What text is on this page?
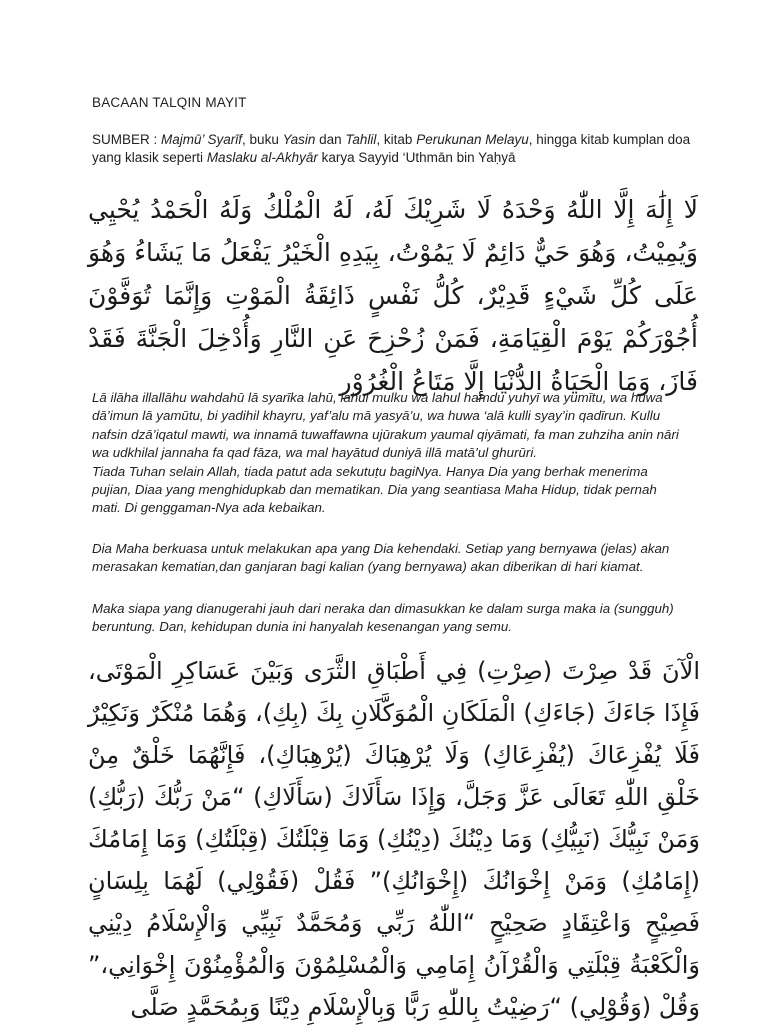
BACAAN TALQIN MAYIT
SUMBER : Majmū’ Syarīf, buku Yasin dan Tahlil, kitab Perukunan Melayu, hingga kitab kumplan doa yang klasik seperti Maslaku al-Akhyār karya Sayyid ‘Uthmān bin Yaḥyā
لَا إِلَٰهَ إِلَّا اللّٰهُ وَحْدَهُ لَا شَرِيْكَ لَهُ، لَهُ الْمُلْكُ وَلَهُ الْحَمْدُ يُحْيِي وَيُمِيْتُ، وَهُوَ حَيٌّ دَائِمٌ لَا يَمُوْتُ، بِيَدِهِ الْخَيْرُ يَفْعَلُ مَا يَشَاءُ وَهُوَ عَلَى كُلِّ شَيْءٍ قَدِيْرٌ، كُلُّ نَفْسٍ ذَائِقَةُ الْمَوْتِ وَإِنَّمَا تُوَفَّوْنَ أُجُوْرَكُمْ يَوْمَ الْقِيَامَةِ، فَمَنْ زُحْزِحَ عَنِ النَّارِ وَأُدْخِلَ الْجَنَّةَ فَقَدْ فَازَ، وَمَا الْحَيَاةُ الدُّنْيَا إِلَّا مَتَاعُ الْغُرُوْرِ
Lā ilāha illallāhu wahdahū lā syarīka lahū, lahul mulku wa lahul hamdu yuhyī wa yumītu, wa huwa dā’imun lā yamūtu, bi yadihil khayru, yaf’alu mā yasyā’u, wa huwa ‘alā kulli syay’in qadīrun. Kullu nafsin dzā’iqatul mawti, wa innamā tuwaffawna ujūrakum yaumal qiyāmati, fa man zuhziha anin nāri wa udkhilal jannaha fa qad fāza, wa mal hayātud duniyā illā matā’ul ghurūri.
Tiada Tuhan selain Allah, tiada patut ada sekutuṭu bagiNya. Hanya Dia yang berhak menerima pujian, Diaa yang menghidupkab dan mematikan. Dia yang seantiasa Maha Hidup, tidak pernah mati. Di genggaman-Nya ada kebaikan.
Dia Maha berkuasa untuk melakukan apa yang Dia kehendaki. Setiap yang bernyawa (jelas) akan merasakan kematian,dan ganjaran bagi kalian (yang bernyawa) akan diberikan di hari kiamat.
Maka siapa yang dianugerahi jauh dari neraka dan dimasukkan ke dalam surga maka ia (sungguh) beruntung. Dan, kehidupan dunia ini hanyalah kesenangan yang semu.
الْآنَ قَدْ صِرْتَ (صِرْتِ) فِي أَطْبَاقِ الثَّرَى وَبَيْنَ عَسَاكِرِ الْمَوْتَى، فَإِذَا جَاءَكَ (جَاءَكِ) الْمَلَكَانِ الْمُوَكَّلَانِ بِكَ (بِكِ)، وَهُمَا مُنْكَرٌ وَنَكِيْرٌ فَلَا يُفْزِعَاكَ (يُفْزِعَاكِ) وَلَا يُرْهِبَاكَ (يُرْهِبَاكِ)، فَإِنَّهُمَا خَلْقٌ مِنْ خَلْقِ اللّٰهِ تَعَالَى عَزَّ وَجَلَّ، وَإِذَا سَأَلَاكَ (سَأَلَاكِ) “مَنْ رَبُّكَ (رَبُّكِ) وَمَنْ نَبِيُّكَ (نَبِيُّكِ) وَمَا دِيْنُكَ (دِيْنُكِ) وَمَا قِبْلَتُكَ (قِبْلَتُكِ) وَمَا إِمَامُكَ (إِمَامُكِ) وَمَنْ إِخْوَانُكَ (إِخْوَانُكِ)” فَقُلْ (فَقُوْلِي) لَهُمَا بِلِسَانٍ فَصِيْحٍ وَاعْتِقَادٍ صَحِيْحٍ “اللّٰهُ رَبِّي وَمُحَمَّدٌ نَبِيِّي وَالْإِسْلَامُ دِيْنِي وَالْكَعْبَةُ قِبْلَتِي وَالْقُرْآنُ إِمَامِي وَالْمُسْلِمُوْنَ وَالْمُؤْمِنُوْنَ إِخْوَانِي،” وَقُلْ (وَقُوْلِي) “رَضِيْتُ بِاللّٰهِ رَبًّا وَبِالْإِسْلَامِ دِيْنًا وَبِمُحَمَّدٍ صَلَّى
